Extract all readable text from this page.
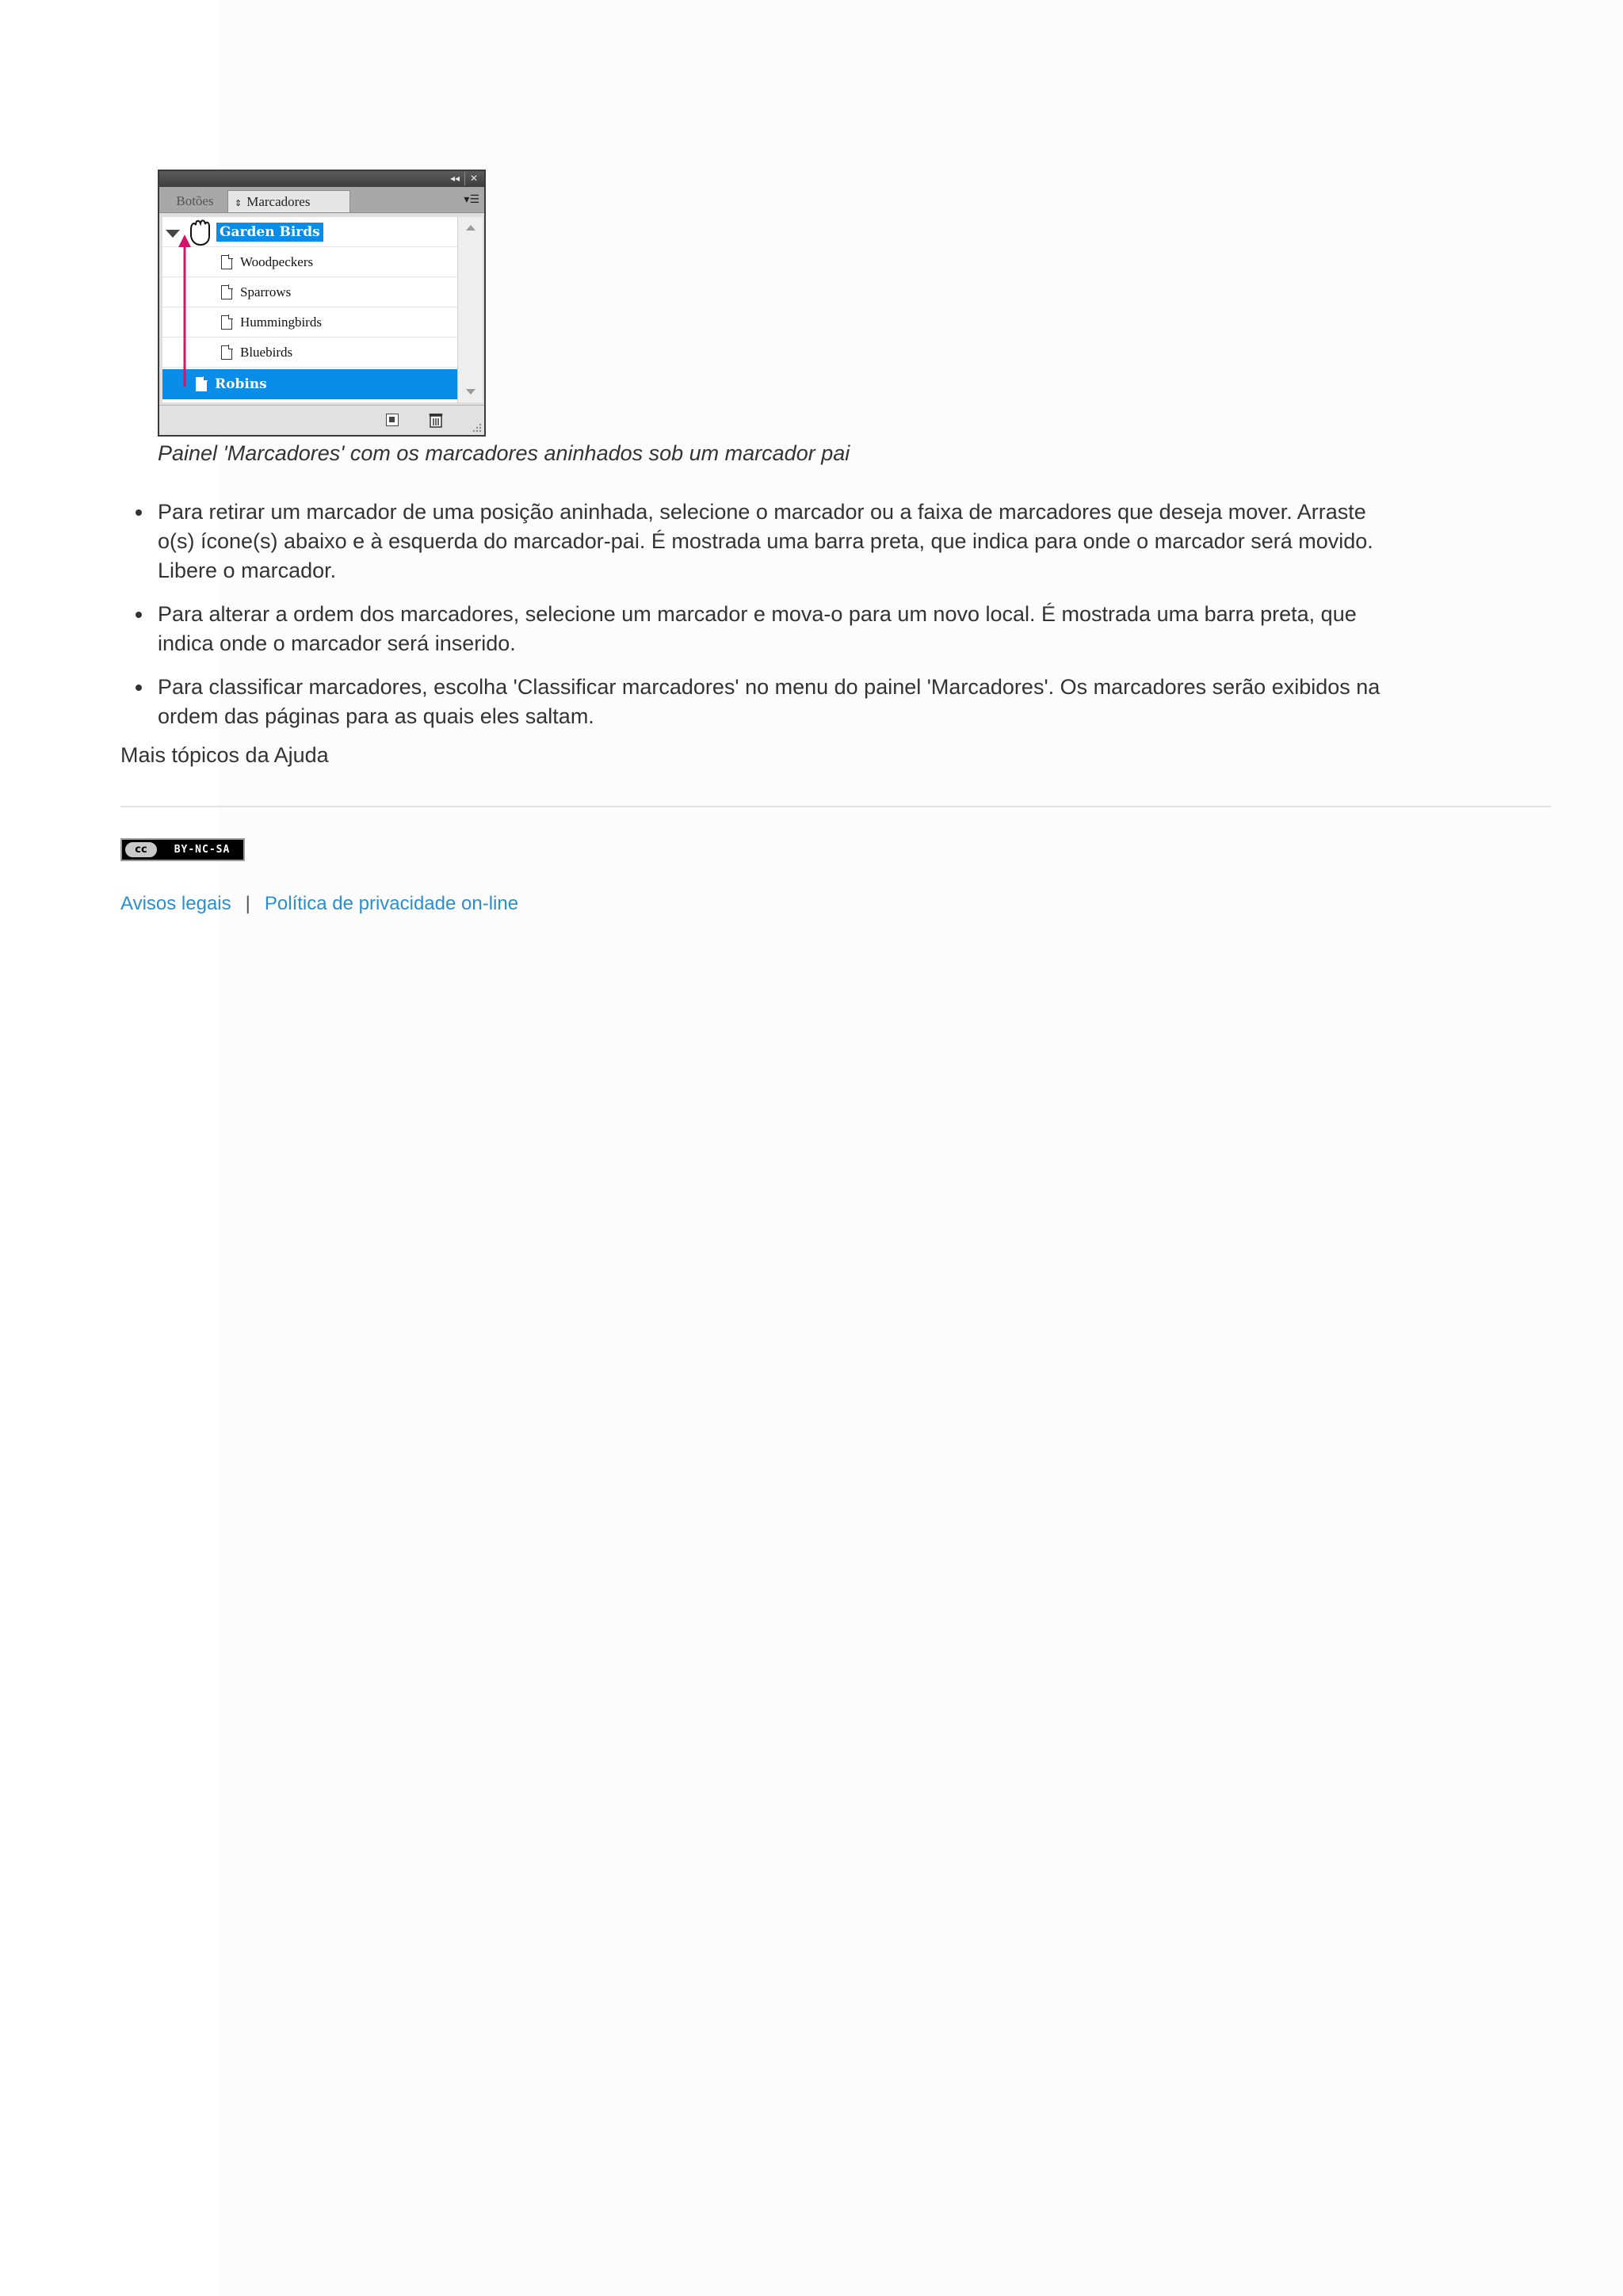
◂◂	✕
Botões	⇕ Marcadores	▾☰
Garden Birds
Woodpeckers
Sparrows
Hummingbirds
Bluebirds
Robins

Painel 'Marcadores' com os marcadores aninhados sob um marcador pai

Para retirar um marcador de uma posição aninhada, selecione o marcador ou a faixa de marcadores que deseja mover. Arraste o(s) ícone(s) abaixo e à esquerda do marcador-pai. É mostrada uma barra preta, que indica para onde o marcador será movido. Libere o marcador.
Para alterar a ordem dos marcadores, selecione um marcador e mova-o para um novo local. É mostrada uma barra preta, que indica onde o marcador será inserido.
Para classificar marcadores, escolha 'Classificar marcadores' no menu do painel 'Marcadores'. Os marcadores serão exibidos na ordem das páginas para as quais eles saltam.

Mais tópicos da Ajuda

cc	BY-NC-SA
Avisos legais | Política de privacidade on-line
